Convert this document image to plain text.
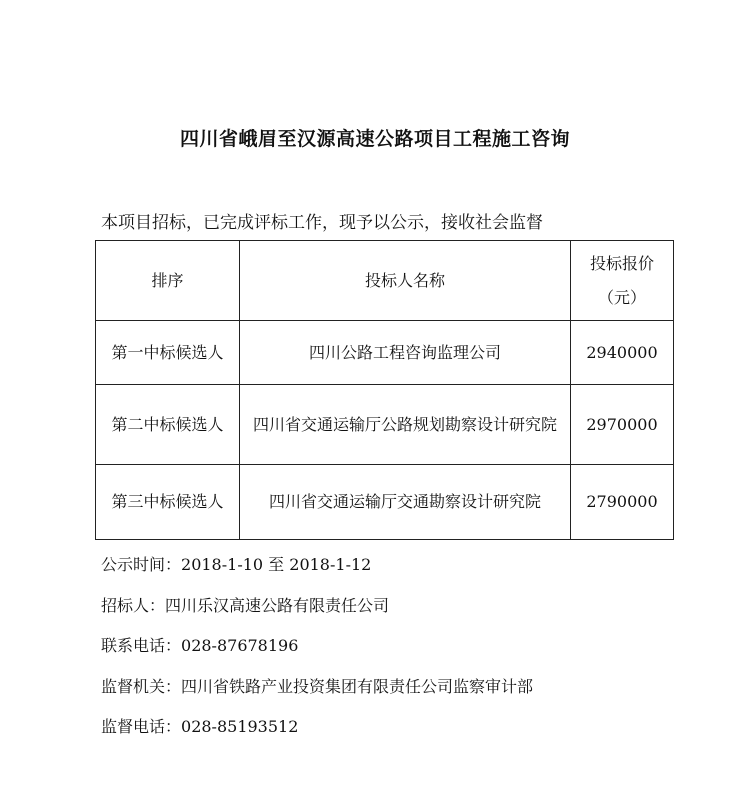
四川省峨眉至汉源高速公路项目工程施工咨询
本项目招标，已完成评标工作，现予以公示，接收社会监督
排序	投标人名称	投标报价
（元）

第一中标候选人	四川公路工程咨询监理公司	2940000
第二中标候选人	四川省交通运输厅公路规划勘察设计研究院	2970000
第三中标候选人	四川省交通运输厅交通勘察设计研究院	2790000
公示时间：2018-1-10 至 2018-1-12
招标人：四川乐汉高速公路有限责任公司
联系电话：028-87678196
监督机关：四川省铁路产业投资集团有限责任公司监察审计部
监督电话：028-85193512
